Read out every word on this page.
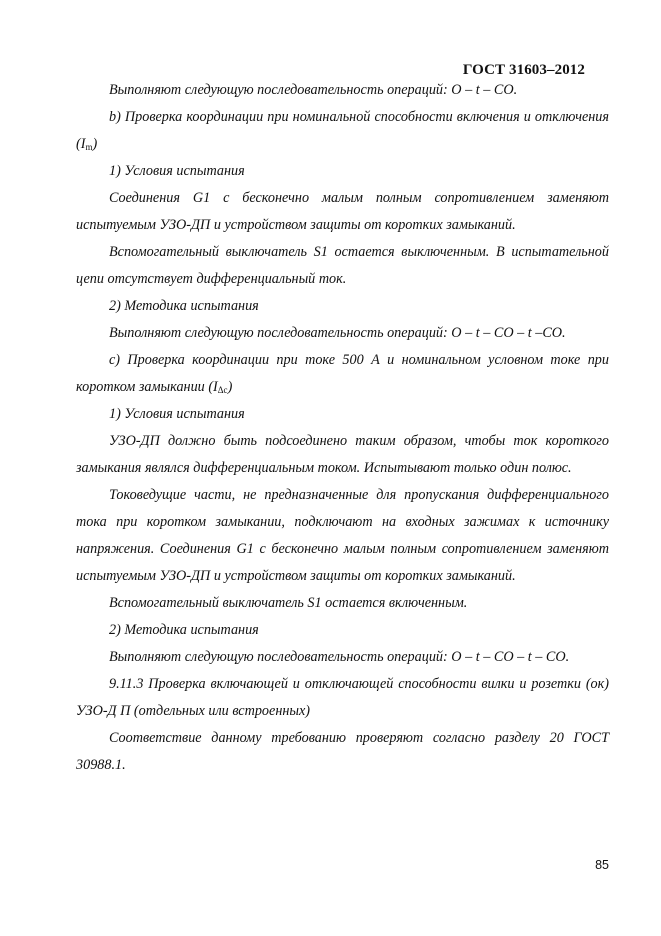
ГОСТ 31603–2012

Выполняют следующую последовательность операций: О – t – СО.

b) Проверка координации при номинальной способности включения и отключения $(I_m)$

1) Условия испытания

Соединения G1 с бесконечно малым полным сопротивлением заменяют испытуемым УЗО-ДП и устройством защиты от коротких замыканий.

Вспомогательный выключатель S1 остается выключенным. В испытательной цепи отсутствует дифференциальный ток.

2) Методика испытания

Выполняют следующую последовательность операций: О – t – СО – t –СО.

c) Проверка координации при токе 500 А и номинальном условном токе при коротком замыкании $(I_{\Delta c})$

1) Условия испытания

УЗО-ДП должно быть подсоединено таким образом, чтобы ток короткого замыкания являлся дифференциальным током. Испытывают только один полюс.

Токоведущие части, не предназначенные для пропускания дифференциального тока при коротком замыкании, подключают на входных зажимах к источнику напряжения. Соединения G1 с бесконечно малым полным сопротивлением заменяют испытуемым УЗО-ДП и устройством защиты от коротких замыканий.

Вспомогательный выключатель S1 остается включенным.

2) Методика испытания

Выполняют следующую последовательность операций: О – t – СО – t – СО.

9.11.3 Проверка включающей и отключающей способности вилки и розетки (ок) УЗО-Д П (отдельных или встроенных)

Соответствие данному требованию проверяют согласно разделу 20 ГОСТ 30988.1.

85
